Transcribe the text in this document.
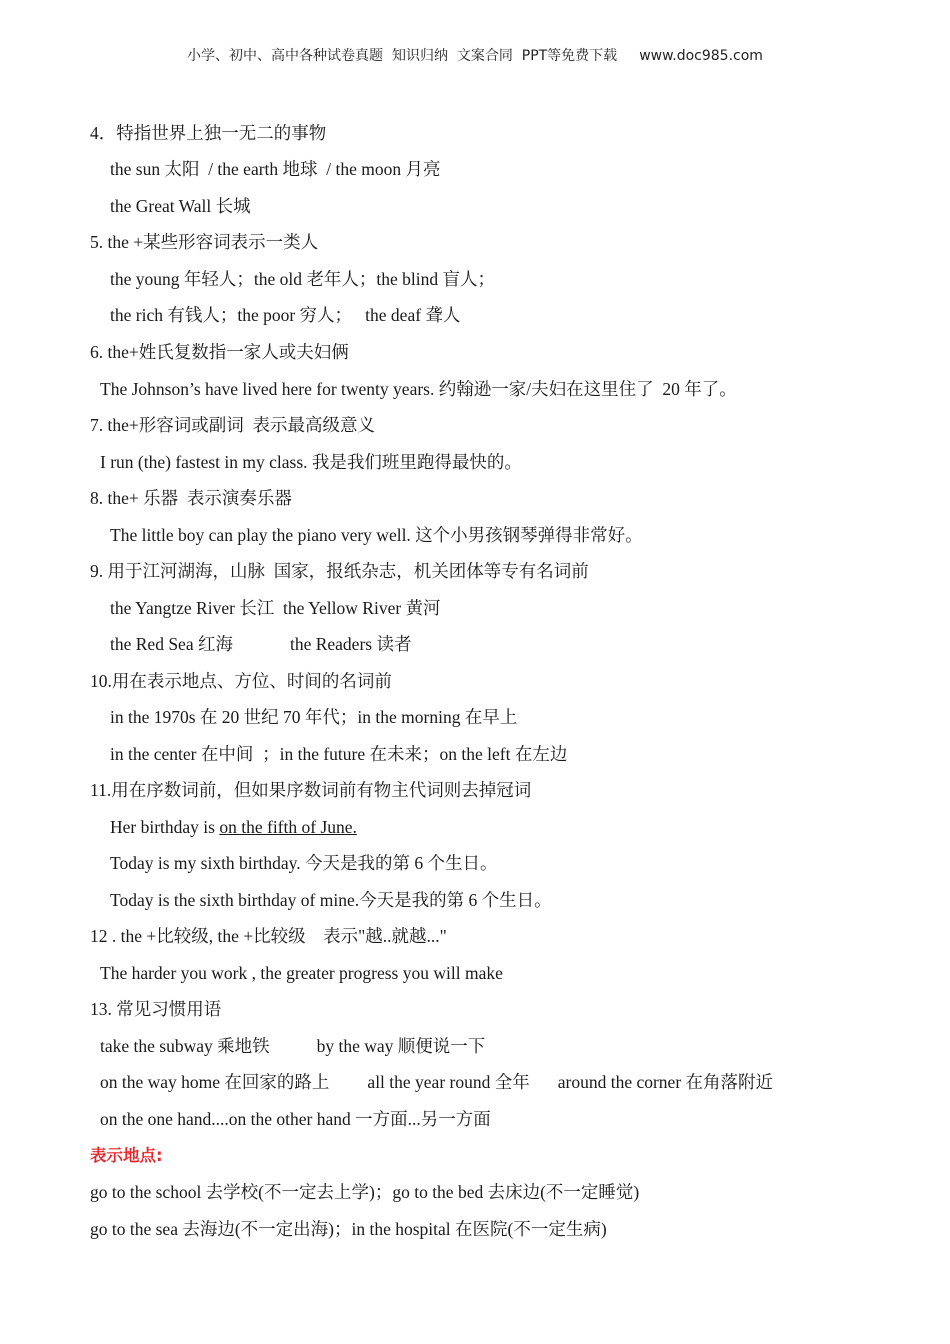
小学、初中、高中各种试卷真题  知识归纳  文案合同  PPT等免费下载 www.doc985.com
4．特指世界上独一无二的事物
the sun 太阳  / the earth 地球  / the moon 月亮
the Great Wall 长城
5. the +某些形容词表示一类人
the young 年轻人；the old 老年人；the blind 盲人；
the rich 有钱人；the poor 穷人；   the deaf 聋人
6. the+姓氏复数指一家人或夫妇俩
The Johnson’s have lived here for twenty years. 约翰逊一家/夫妇在这里住了  20 年了。
7. the+形容词或副词  表示最高级意义
I run (the) fastest in my class. 我是我们班里跑得最快的。
8. the+ 乐器  表示演奏乐器
The little boy can play the piano very well. 这个小男孩钢琴弹得非常好。
9. 用于江河湖海，山脉  国家，报纸杂志，机关团体等专有名词前
the Yangtze River 长江  the Yellow River 黄河
the Red Sea 红海	the Readers 读者
10.用在表示地点、方位、时间的名词前
in the 1970s 在 20 世纪 70 年代；in the morning 在早上
in the center 在中间  ；in the future 在未来；on the left 在左边
11.用在序数词前，但如果序数词前有物主代词则去掉冠词
Her birthday is on the fifth of June.
Today is my sixth birthday. 今天是我的第 6 个生日。
Today is the sixth birthday of mine.今天是我的第 6 个生日。
12 . the +比较级, the +比较级    表示"越..就越..."
The harder you work , the greater progress you will make
13. 常见习惯用语
take the subway 乘地铁	by the way 顺便说一下
on the way home 在回家的路上 all the year round 全年 around the corner 在角落附近
on the one hand....on the other hand 一方面...另一方面
表示地点:
go to the school 去学校(不一定去上学)；go to the bed 去床边(不一定睡觉)
go to the sea 去海边(不一定出海)；in the hospital 在医院(不一定生病)
